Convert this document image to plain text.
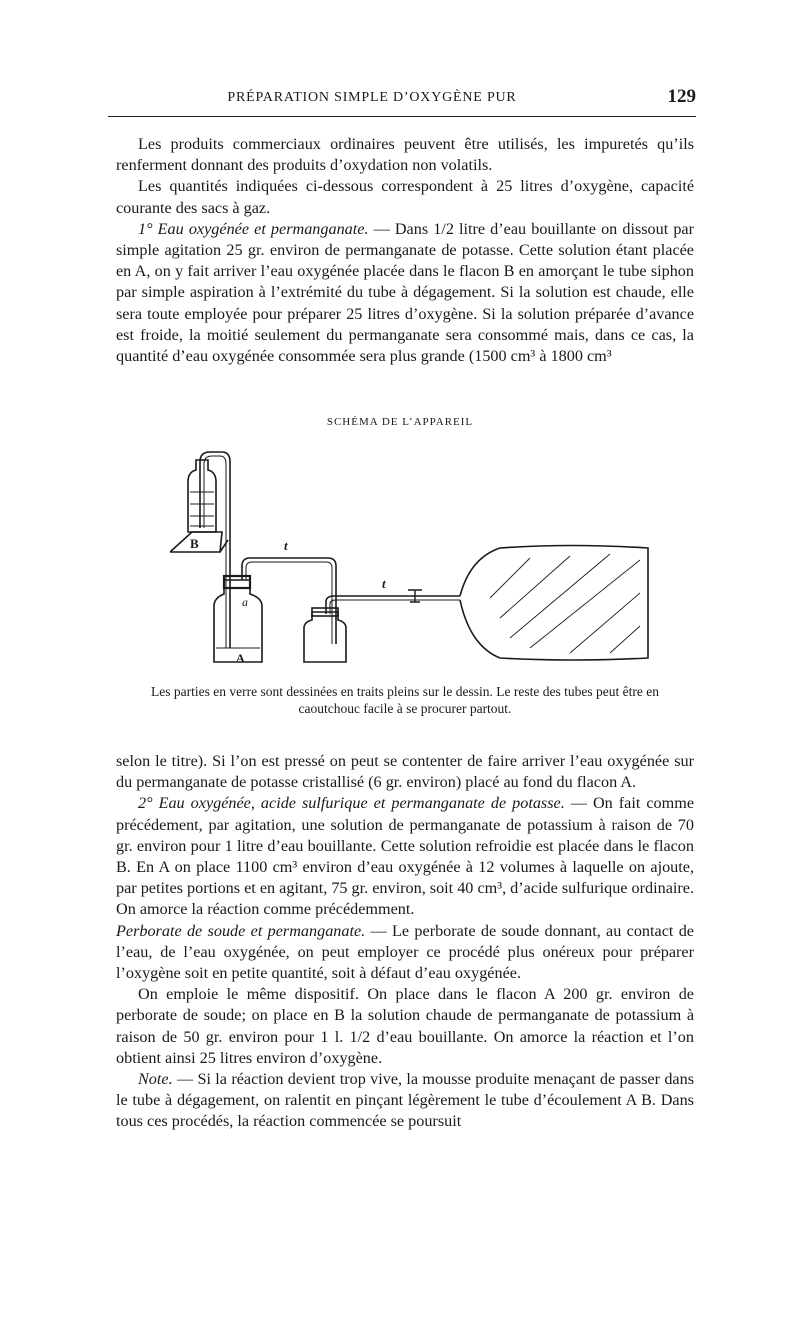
PRÉPARATION SIMPLE D’OXYGÈNE PUR	129

Les produits commerciaux ordinaires peuvent être utilisés, les impuretés qu’ils renferment donnant des produits d’oxydation non volatils.

Les quantités indiquées ci-dessous correspondent à 25 litres d’oxygène, capacité courante des sacs à gaz.

1° Eau oxygénée et permanganate. — Dans 1/2 litre d’eau bouillante on dissout par simple agitation 25 gr. environ de permanganate de potasse. Cette solution étant placée en A, on y fait arriver l’eau oxygénée placée dans le flacon B en amorçant le tube siphon par simple aspiration à l’extrémité du tube à dégagement. Si la solution est chaude, elle sera toute employée pour préparer 25 litres d’oxygène. Si la solution préparée d’avance est froide, la moitié seulement du permanganate sera consommé mais, dans ce cas, la quantité d’eau oxygénée consommée sera plus grande (1500 cm³ à 1800 cm³

SCHÉMA DE L’APPAREIL
B
A
a
t
t
Les parties en verre sont dessinées en traits pleins sur le dessin. Le reste des tubes peut être en caoutchouc facile à se procurer partout.

selon le titre). Si l’on est pressé on peut se contenter de faire arriver l’eau oxygénée sur du permanganate de potasse cristallisé (6 gr. environ) placé au fond du flacon A.

2° Eau oxygénée, acide sulfurique et permanganate de potasse. — On fait comme précédement, par agitation, une solution de permanganate de potassium à raison de 70 gr. environ pour 1 litre d’eau bouillante. Cette solution refroidie est placée dans le flacon B. En A on place 1100 cm³ environ d’eau oxygénée à 12 volumes à laquelle on ajoute, par petites portions et en agitant, 75 gr. environ, soit 40 cm³, d’acide sulfurique ordinaire. On amorce la réaction comme précédemment.

Perborate de soude et permanganate. — Le perborate de soude donnant, au contact de l’eau, de l’eau oxygénée, on peut employer ce procédé plus onéreux pour préparer l’oxygène soit en petite quantité, soit à défaut d’eau oxygénée.

On emploie le même dispositif. On place dans le flacon A 200 gr. environ de perborate de soude; on place en B la solution chaude de permanganate de potassium à raison de 50 gr. environ pour 1 l. 1/2 d’eau bouillante. On amorce la réaction et l’on obtient ainsi 25 litres environ d’oxygène.

Note. — Si la réaction devient trop vive, la mousse produite menaçant de passer dans le tube à dégagement, on ralentit en pinçant légèrement le tube d’écoulement A B. Dans tous ces procédés, la réaction commencée se poursuit
